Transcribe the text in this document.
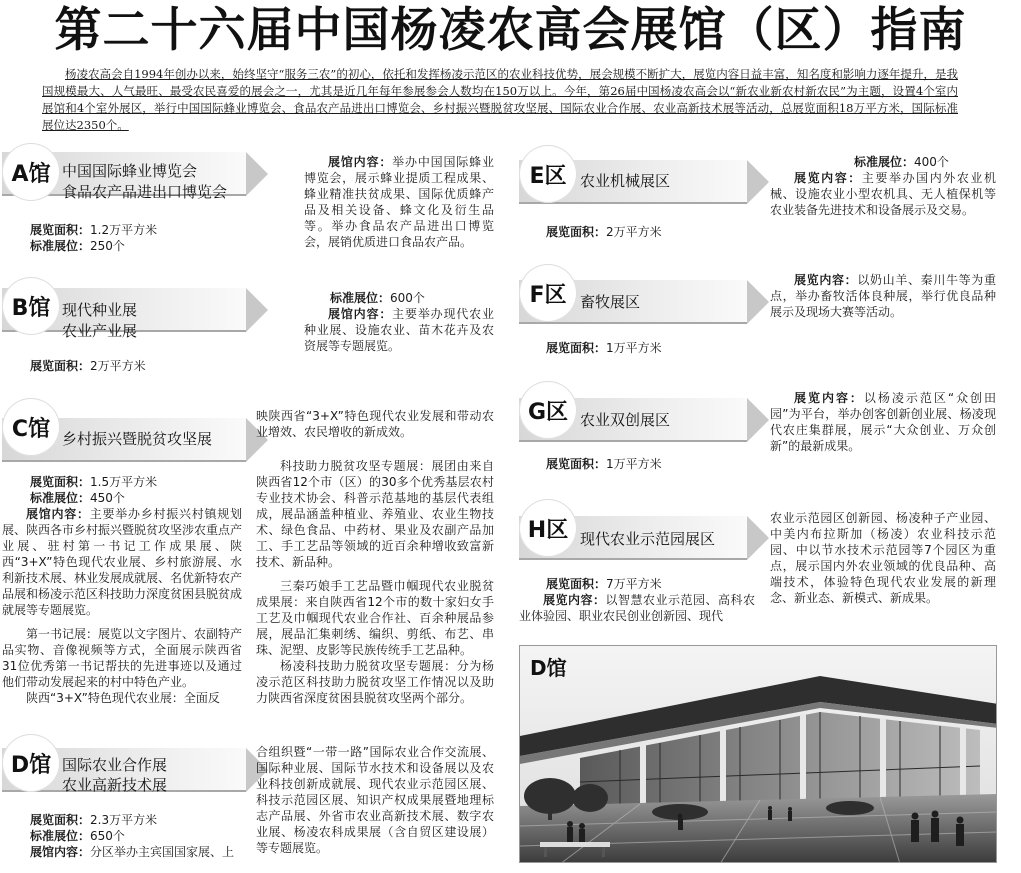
第二十六届中国杨凌农高会展馆（区）指南
杨凌农高会自1994年创办以来，始终坚守“服务三农”的初心，依托和发挥杨凌示范区的农业科技优势，展会规模不断扩大，展览内容日益丰富，知名度和影响力逐年提升，是我国规模最大、人气最旺、最受农民喜爱的展会之一，尤其是近几年每年参展参会人数均在150万以上。今年，第26届中国杨凌农高会以“新农业新农村新农民”为主题，设置4个室内展馆和4个室外展区，举行中国国际蜂业博览会、食品农产品进出口博览会、乡村振兴暨脱贫攻坚展、国际农业合作展、农业高新技术展等活动，总展览面积18万平方米，国际标准展位达2350个。
A馆 中国国际蜂业博览会
食品农产品进出口博览会
展览面积：1.2万平方米
标准展位：250个
展馆内容：举办中国国际蜂业博览会，展示蜂业提质工程成果、蜂业精准扶贫成果、国际优质蜂产品及相关设备、蜂文化及衍生品等。举办食品农产品进出口博览会，展销优质进口食品农产品。
B馆 现代种业展
农业产业展
展览面积：2万平方米
标准展位：600个
展馆内容：主要举办现代农业种业展、设施农业、苗木花卉及农资展等专题展览。
C馆 乡村振兴暨脱贫攻坚展
展览面积：1.5万平方米
标准展位：450个
展馆内容：主要举办乡村振兴村镇规划展、陕西各市乡村振兴暨脱贫攻坚涉农重点产业展、驻村第一书记工作成果展、陕西“3+X”特色现代农业展、乡村旅游展、水利新技术展、林业发展成就展、名优新特农产品展和杨凌示范区科技助力深度贫困县脱贫成就展等专题展览。
第一书记展：展览以文字图片、农副特产品实物、音像视频等方式，全面展示陕西省31位优秀第一书记帮扶的先进事迹以及通过他们带动发展起来的村中特色产业。
陕西“3+X”特色现代农业展：全面反
映陕西省“3+X”特色现代农业发展和带动农业增效、农民增收的新成效。
科技助力脱贫攻坚专题展：展团由来自陕西省12个市（区）的30多个优秀基层农村专业技术协会、科普示范基地的基层代表组成，展品涵盖种植业、养殖业、农业生物技术、绿色食品、中药材、果业及农副产品加工、手工艺品等领域的近百余种增收致富新技术、新品种。
三秦巧娘手工艺品暨巾帼现代农业脱贫成果展：来自陕西省12个市的数十家妇女手工艺及巾帼现代农业合作社、百余种展品参展，展品汇集刺绣、编织、剪纸、布艺、串珠、泥塑、皮影等民族传统手工艺品种。
杨凌科技助力脱贫攻坚专题展：分为杨凌示范区科技助力脱贫攻坚工作情况以及助力陕西省深度贫困县脱贫攻坚两个部分。
D馆 国际农业合作展
农业高新技术展
展览面积：2.3万平方米
标准展位：650个
展馆内容：分区举办主宾国国家展、上
合组织暨“一带一路”国际农业合作交流展、国际种业展、国际节水技术和设备展以及农业科技创新成就展、现代农业示范园区展、科技示范园区展、知识产权成果展暨地理标志产品展、外省市农业高新技术展、数字农业展、杨凌农科成果展（含自贸区建设展）等专题展览。
E区 农业机械展区
展览面积：2万平方米
标准展位：400个
展览内容：主要举办国内外农业机械、设施农业小型农机具、无人植保机等农业装备先进技术和设备展示及交易。
F区 畜牧展区
展览面积：1万平方米
展览内容：以奶山羊、秦川牛等为重点，举办畜牧活体良种展，举行优良品种展示及现场大赛等活动。
G区 农业双创展区
展览面积：1万平方米
展览内容：以杨凌示范区“众创田园”为平台，举办创客创新创业展、杨凌现代农庄集群展，展示“大众创业、万众创新”的最新成果。
H区 现代农业示范园展区
展览面积：7万平方米
展览内容：以智慧农业示范园、高科农业体验园、职业农民创业创新园、现代
农业示范园区创新园、杨凌种子产业园、中美内布拉斯加（杨凌）农业科技示范园、中以节水技术示范园等7个园区为重点，展示国内外农业领域的优良品种、高端技术，体验特色现代农业发展的新理念、新业态、新模式、新成果。
D馆
